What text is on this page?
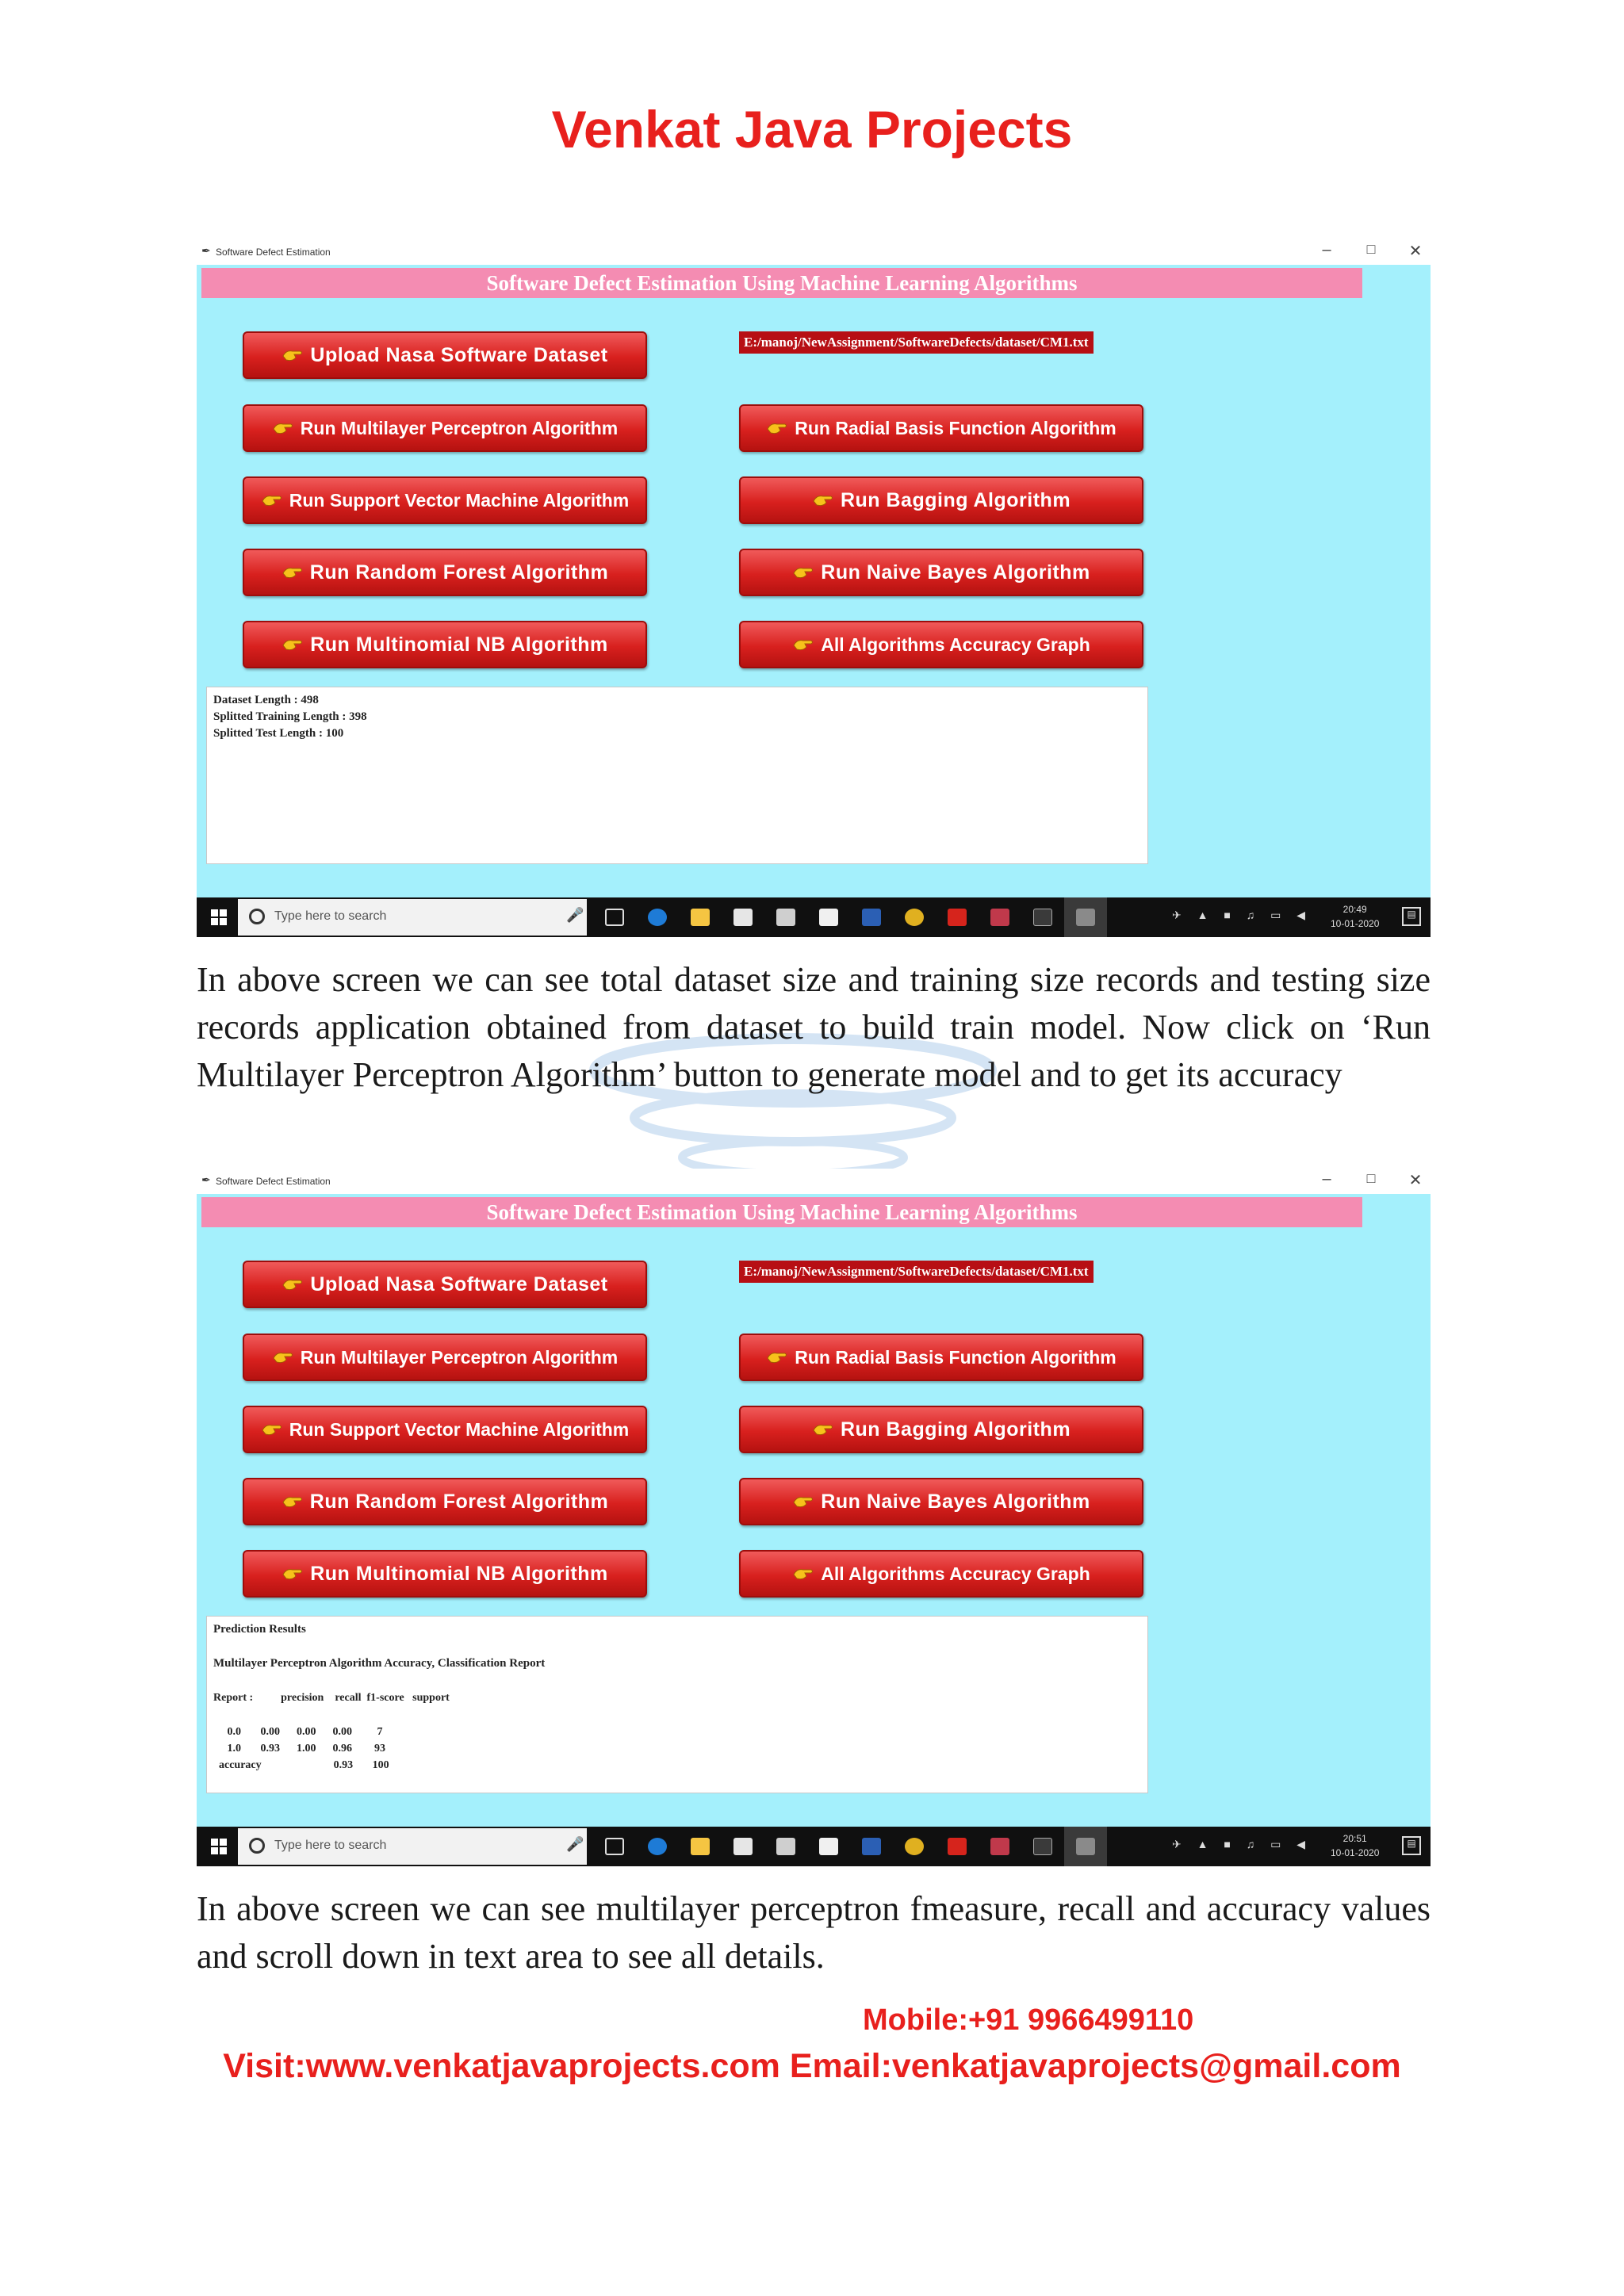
Venkat Java Projects
✒ Software Defect Estimation	–	□	✕
Software Defect Estimation Using Machine Learning Algorithms
Upload Nasa Software Dataset
E:/manoj/NewAssignment/SoftwareDefects/dataset/CM1.txt
Run Multilayer Perceptron Algorithm	Run Radial Basis Function Algorithm
Run Support Vector Machine Algorithm	Run Bagging Algorithm
Run Random Forest Algorithm	Run Naive Bayes Algorithm
Run Multinomial NB Algorithm	All Algorithms Accuracy Graph
Dataset Length : 498
Splitted Training Length : 398
Splitted Test Length : 100
Type here to search	🎤	✈ ▲ ■ ♫ ▭ ◀	20:49
10-01-2020
▤
In above screen we can see total dataset size and training size records and testing size records application obtained from dataset to build train model. Now click on ‘Run Multilayer Perceptron Algorithm’ button to generate model and to get its accuracy
✒ Software Defect Estimation	–	□	✕
Software Defect Estimation Using Machine Learning Algorithms
Upload Nasa Software Dataset
E:/manoj/NewAssignment/SoftwareDefects/dataset/CM1.txt
Run Multilayer Perceptron Algorithm	Run Radial Basis Function Algorithm
Run Support Vector Machine Algorithm	Run Bagging Algorithm
Run Random Forest Algorithm	Run Naive Bayes Algorithm
Run Multinomial NB Algorithm	All Algorithms Accuracy Graph
Prediction Results
Multilayer Perceptron Algorithm Accuracy, Classification Report
Report :          precision    recall  f1-score   support
0.0       0.00      0.00      0.00         7
1.0       0.93      1.00      0.96        93
accuracy                          0.93       100
Type here to search	🎤	✈ ▲ ■ ♫ ▭ ◀	20:51
10-01-2020
▤
In above screen we can see multilayer perceptron fmeasure, recall and accuracy values and scroll down in text area to see all details.
Mobile:+91 9966499110
Visit:www.venkatjavaprojects.com Email:venkatjavaprojects@gmail.com
